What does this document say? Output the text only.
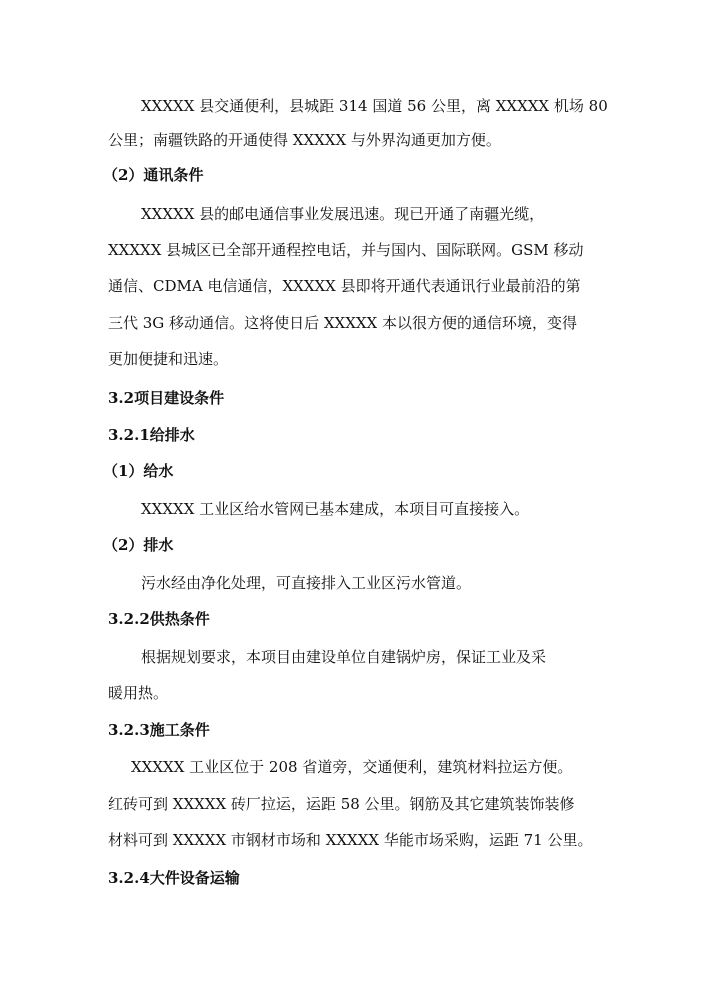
XXXXX 县交通便利，县城距 314 国道 56 公里，离 XXXXX 机场 80

公里；南疆铁路的开通使得 XXXXX 与外界沟通更加方便。

（2）通讯条件

XXXXX 县的邮电通信事业发展迅速。现已开通了南疆光缆，

XXXXX 县城区已全部开通程控电话，并与国内、国际联网。GSM 移动

通信、CDMA 电信通信，XXXXX 县即将开通代表通讯行业最前沿的第

三代 3G 移动通信。这将使日后 XXXXX 本以很方便的通信环境，变得

更加便捷和迅速。

3.2项目建设条件

3.2.1给排水

（1）给水

XXXXX 工业区给水管网已基本建成，本项目可直接接入。

（2）排水

污水经由净化处理，可直接排入工业区污水管道。

3.2.2供热条件

根据规划要求，本项目由建设单位自建锅炉房，保证工业及采

暖用热。

3.2.3施工条件

XXXXX 工业区位于 208 省道旁，交通便利，建筑材料拉运方便。

红砖可到 XXXXX 砖厂拉运，运距 58 公里。钢筋及其它建筑装饰装修

材料可到 XXXXX 市钢材市场和 XXXXX 华能市场采购，运距 71 公里。

3.2.4大件设备运输
